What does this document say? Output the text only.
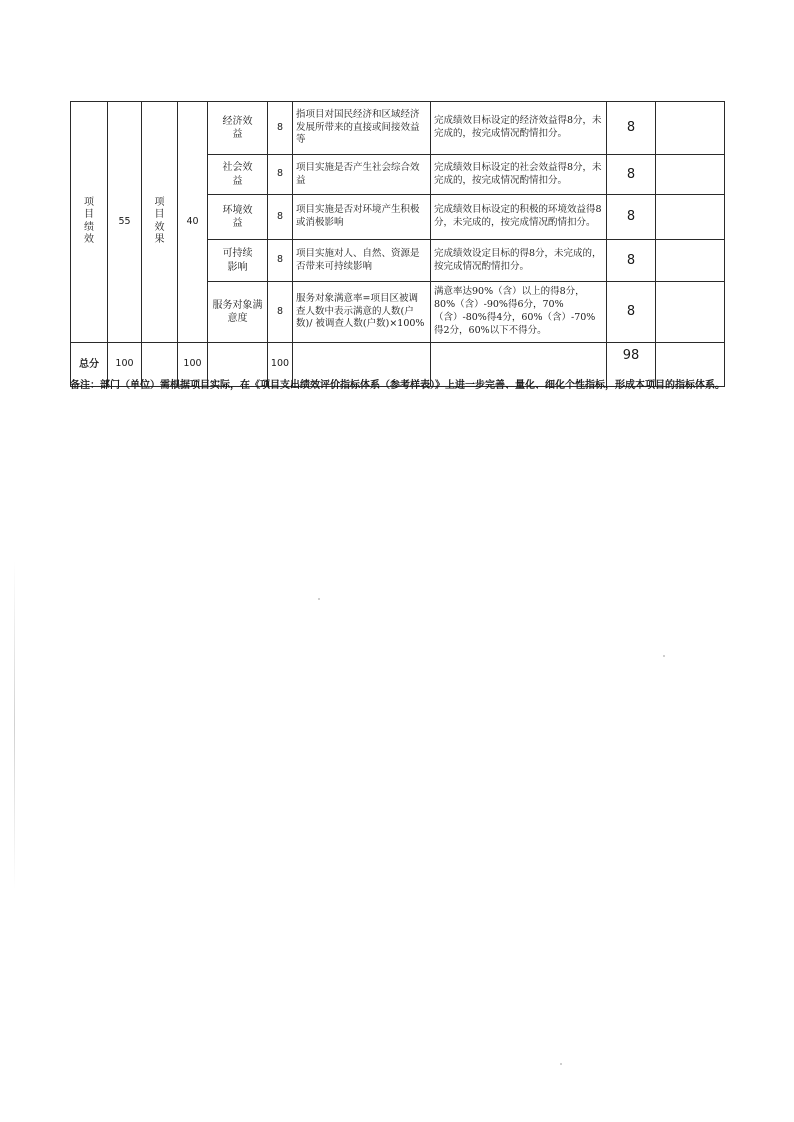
项目绩效	55	项目效果	40	经济效益	8	指项目对国民经济和区域经济发展所带来的直接或间接效益等	完成绩效目标设定的经济效益得8分，未完成的，按完成情况酌情扣分。	8	
				社会效益	8	项目实施是否产生社会综合效益	完成绩效目标设定的社会效益得8分，未完成的，按完成情况酌情扣分。	8	
				环境效益	8	项目实施是否对环境产生积极或消极影响	完成绩效目标设定的积极的环境效益得8分，未完成的，按完成情况酌情扣分。	8	
				可持续影响	8	项目实施对人、自然、资源是否带来可持续影响	完成绩效设定目标的得8分，未完成的，按完成情况酌情扣分。	8	
				服务对象满意度	8	服务对象满意率=项目区被调查人数中表示满意的人数(户数)/ 被调查人数(户数)×100%	满意率达90%（含）以上的得8分，80%（含）-90%得6分，70%（含）-80%得4分，60%（含）-70%得2分，60%以下不得分。	8	
总分	100		100		100			98	
备注：部门（单位）需根据项目实际，在《项目支出绩效评价指标体系（参考样表）》上进一步完善、量化、细化个性指标，形成本项目的指标体系。
